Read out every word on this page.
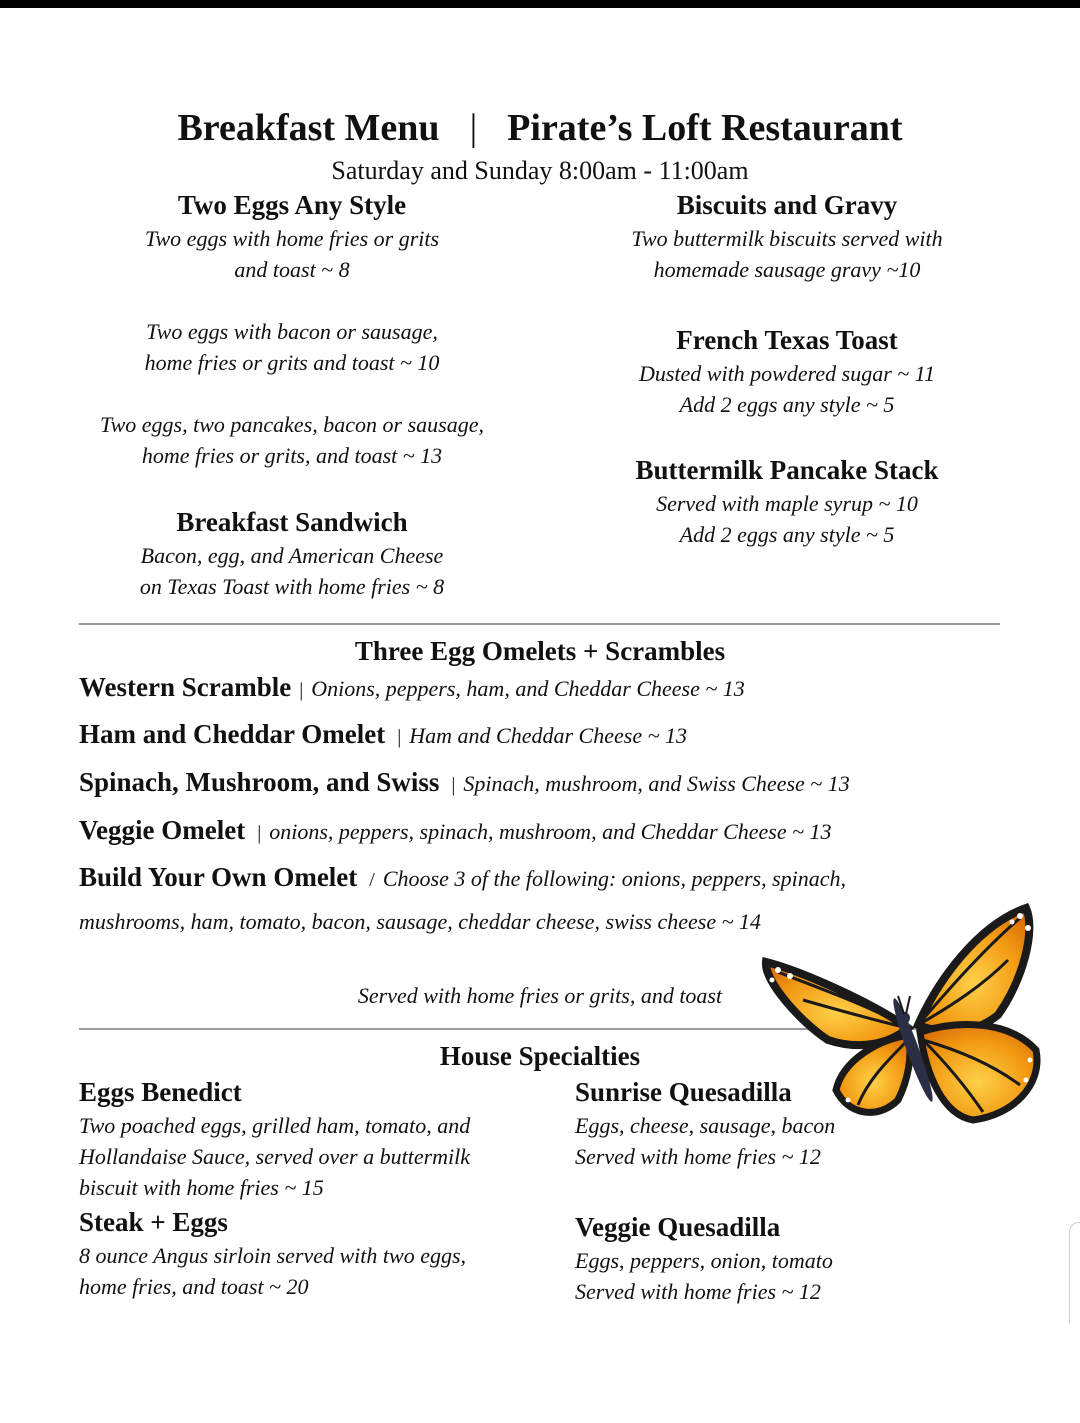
Breakfast Menu | Pirate’s Loft Restaurant
Saturday and Sunday 8:00am - 11:00am
Two Eggs Any Style
Two eggs with home fries or grits
and toast ~ 8
Two eggs with bacon or sausage,
home fries or grits and toast ~ 10
Two eggs, two pancakes, bacon or sausage,
home fries or grits, and toast ~ 13
Breakfast Sandwich
Bacon, egg, and American Cheese
on Texas Toast with home fries ~ 8
Biscuits and Gravy
Two buttermilk biscuits served with
homemade sausage gravy ~10
French Texas Toast
Dusted with powdered sugar ~ 11
Add 2 eggs any style ~ 5
Buttermilk Pancake Stack
Served with maple syrup ~ 10
Add 2 eggs any style ~ 5
Three Egg Omelets + Scrambles
Western Scramble | Onions, peppers, ham, and Cheddar Cheese ~ 13
Ham and Cheddar Omelet | Ham and Cheddar Cheese ~ 13
Spinach, Mushroom, and Swiss | Spinach, mushroom, and Swiss Cheese ~ 13
Veggie Omelet | onions, peppers, spinach, mushroom, and Cheddar Cheese ~ 13
Build Your Own Omelet / Choose 3 of the following: onions, peppers, spinach,
mushrooms, ham, tomato, bacon, sausage, cheddar cheese, swiss cheese ~ 14
Served with home fries or grits, and toast
House Specialties
Eggs Benedict
Two poached eggs, grilled ham, tomato, and
Hollandaise Sauce, served over a buttermilk
biscuit with home fries ~ 15
Steak + Eggs
8 ounce Angus sirloin served with two eggs,
home fries, and toast ~ 20
Sunrise Quesadilla
Eggs, cheese, sausage, bacon
Served with home fries ~ 12
Veggie Quesadilla
Eggs, peppers, onion, tomato
Served with home fries ~ 12
